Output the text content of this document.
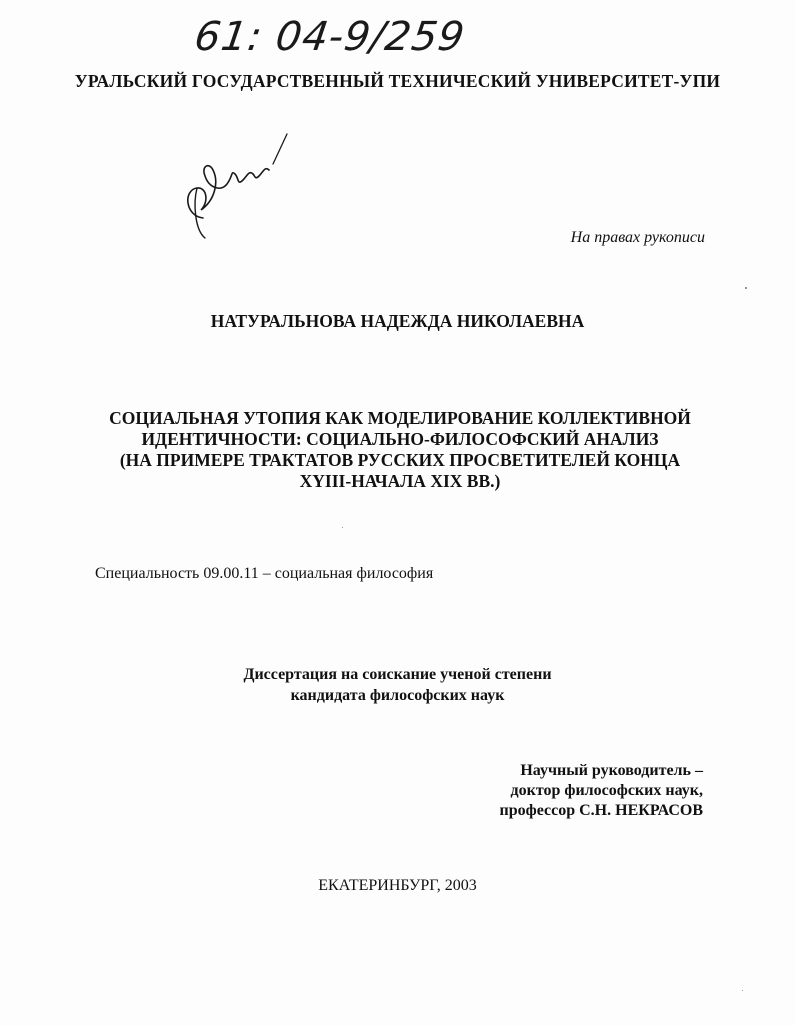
61: 04-9/259
УРАЛЬСКИЙ ГОСУДАРСТВЕННЫЙ ТЕХНИЧЕСКИЙ УНИВЕРСИТЕТ-УПИ
На правах рукописи
НАТУРАЛЬНОВА НАДЕЖДА НИКОЛАЕВНА
СОЦИАЛЬНАЯ УТОПИЯ КАК МОДЕЛИРОВАНИЕ КОЛЛЕКТИВНОЙ
ИДЕНТИЧНОСТИ: СОЦИАЛЬНО-ФИЛОСОФСКИЙ АНАЛИЗ
(НА ПРИМЕРЕ ТРАКТАТОВ РУССКИХ ПРОСВЕТИТЕЛЕЙ КОНЦА
XYIII-НАЧАЛА XIX ВВ.)
Специальность 09.00.11 – социальная философия
Диссертация на соискание ученой степени
кандидата философских наук
Научный руководитель –
доктор философских наук,
профессор С.Н. НЕКРАСОВ
ЕКАТЕРИНБУРГ, 2003
